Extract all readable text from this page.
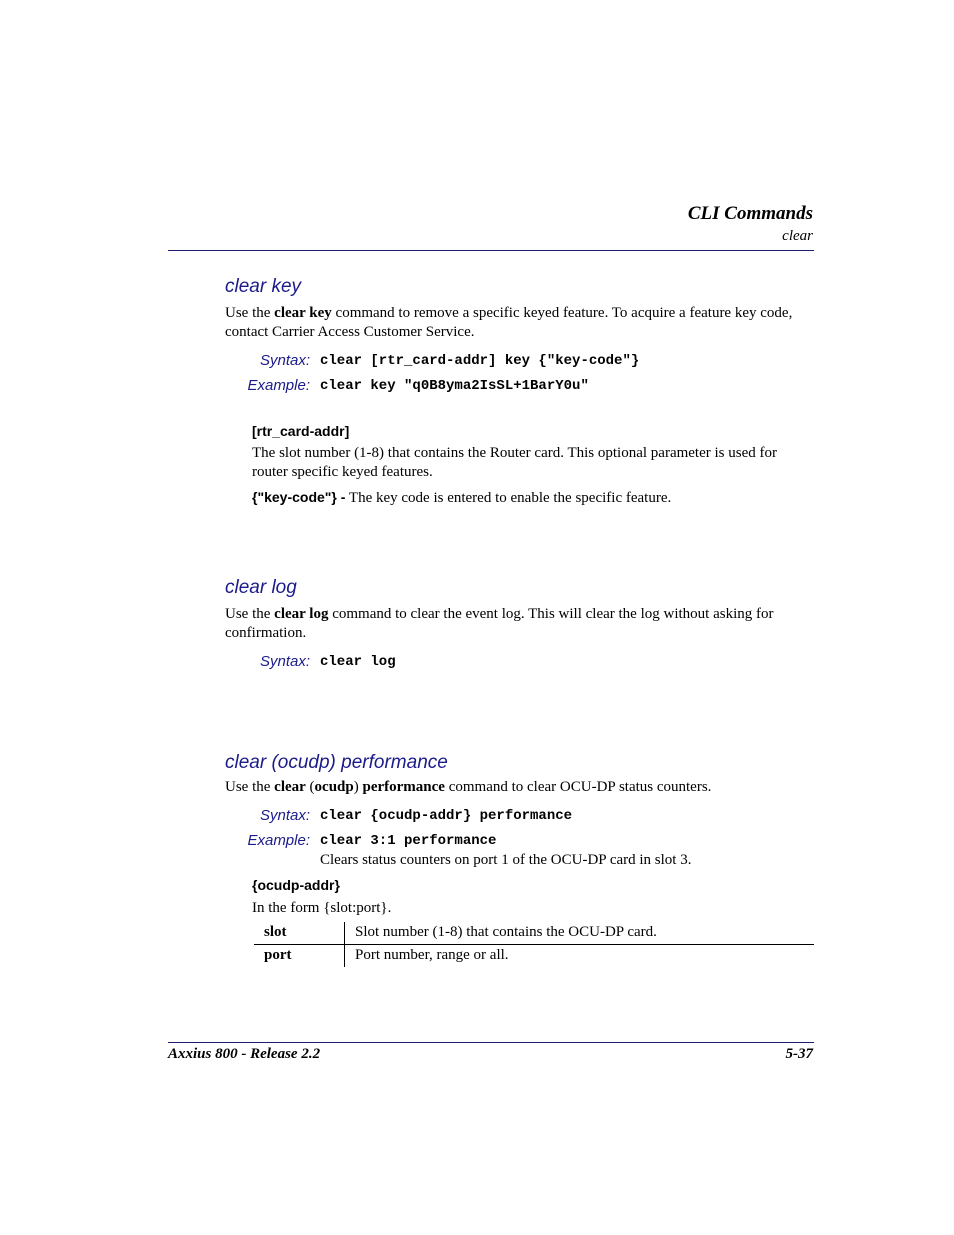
CLI Commands
clear
clear key
Use the clear key command to remove a specific keyed feature. To acquire a feature key code, contact Carrier Access Customer Service.
Syntax: clear [rtr_card-addr] key {"key-code"}
Example: clear key "q0B8yma2IsSL+1BarY0u"
[rtr_card-addr]
The slot number (1-8) that contains the Router card. This optional parameter is used for router specific keyed features.
{"key-code"} - The key code is entered to enable the specific feature.
clear log
Use the clear log command to clear the event log. This will clear the log without asking for confirmation.
Syntax: clear log
clear (ocudp) performance
Use the clear (ocudp) performance command to clear OCU-DP status counters.
Syntax: clear {ocudp-addr} performance
Example: clear 3:1 performance
Clears status counters on port 1 of the OCU-DP card in slot 3.
{ocudp-addr}
In the form {slot:port}.
slot	Slot number (1-8) that contains the OCU-DP card.
port	Port number, range or all.
Axxius 800 - Release 2.2	5-37
